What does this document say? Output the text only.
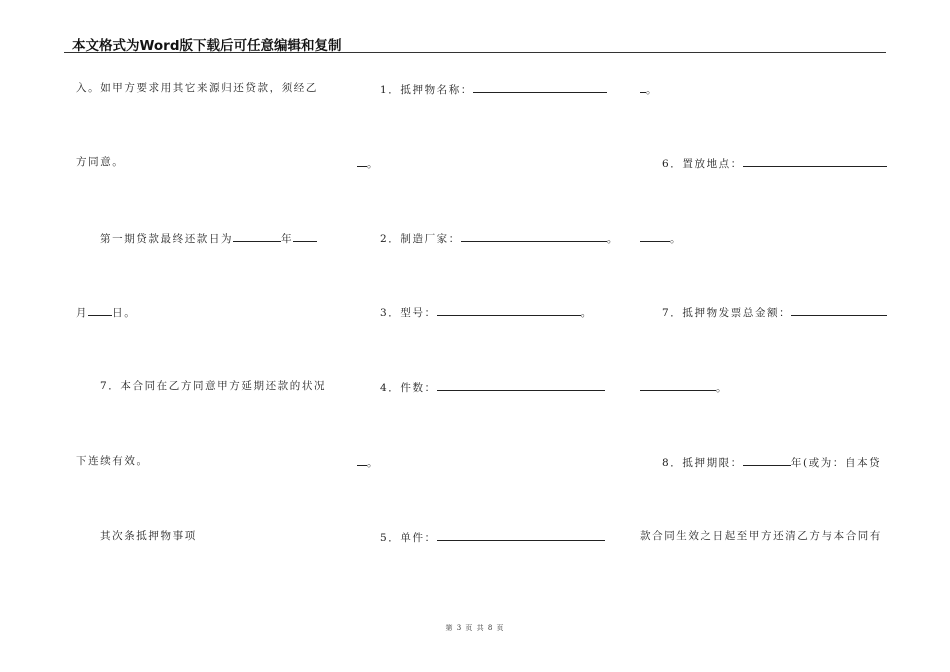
本文格式为Word版下载后可任意编辑和复制
入。如甲方要求用其它来源归还贷款，须经乙
方同意。
第一期贷款最终还款日为	年
月 日。
7．本合同在乙方同意甲方延期还款的状况
下连续有效。
其次条抵押物事项
1．抵押物名称：
。
2．制造厂家：	。
3．型号：	。
4．件数：
。
5．单件：
。
6．置放地点：
。
7．抵押物发票总金额：
。
8．抵押期限：	年(或为：自本贷
款合同生效之日起至甲方还清乙方与本合同有
第 3 页 共 8 页
